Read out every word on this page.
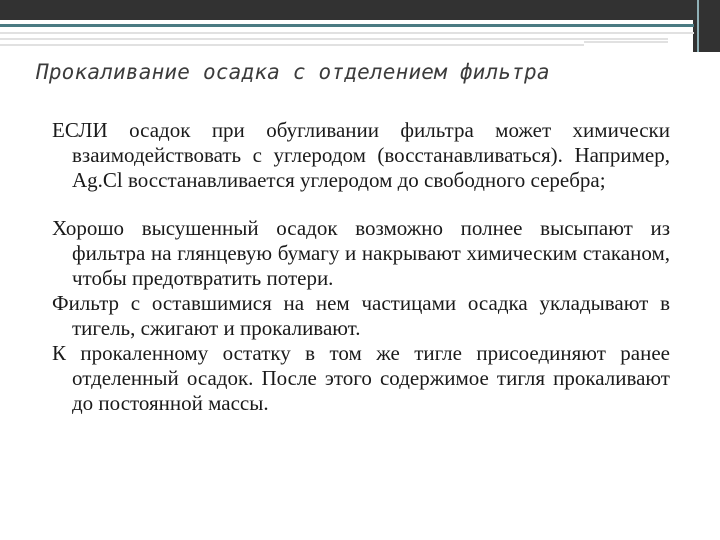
Прокаливание осадка с отделением фильтра

ЕСЛИ осадок при обугливании фильтра может химически взаимодействовать с углеродом (восстанавливаться). Например, Ag.Cl восстанавливается углеродом до свободного серебра;

Хорошо высушенный осадок возможно полнее высыпают из фильтра на глянцевую бумагу и накрывают химическим стаканом, чтобы предотвратить потери.

Фильтр с оставшимися на нем частицами осадка укладывают в тигель, сжигают и прокаливают.

К прокаленному остатку в том же тигле присоединяют ранее отделенный осадок. После этого содержимое тигля прокаливают до постоянной массы.
